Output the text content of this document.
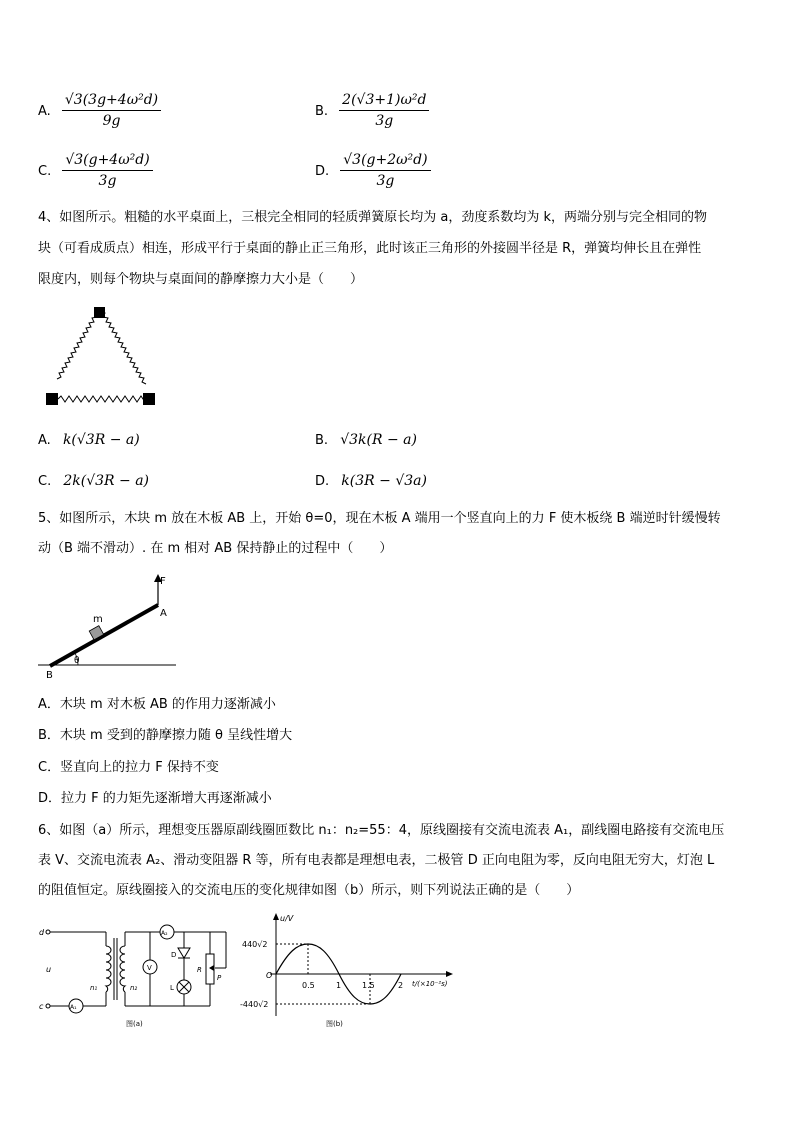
A. $\frac{\text{√3(3g+4ω²d)}}{9g}$	B. $\frac{\text{2(√3+1)ω²d}}{3g}$
C. $\frac{\text{√3(g+4ω²d)}}{3g}$	D. $\frac{\text{√3(g+2ω²d)}}{3g}$
4、如图所示。粗糙的水平桌面上，三根完全相同的轻质弹簧原长均为 a，劲度系数均为 k，两端分别与完全相同的物
块（可看成质点）相连，形成平行于桌面的静止正三角形，此时该正三角形的外接圆半径是 R，弹簧均伸长且在弹性
限度内，则每个物块与桌面间的静摩擦力大小是（　　）
A. k(√3R − a)	B. √3k(R − a)
C. 2k(√3R − a)	D. k(3R − √3a)
5、如图所示，木块 m 放在木板 AB 上，开始 θ=0，现在木板 A 端用一个竖直向上的力 F 使木板绕 B 端逆时针缓慢转
动（B 端不滑动）. 在 m 相对 AB 保持静止的过程中（　　）
F
A
m
B
θ
A．木块 m 对木板 AB 的作用力逐渐减小
B．木块 m 受到的静摩擦力随 θ 呈线性增大
C．竖直向上的拉力 F 保持不变
D．拉力 F 的力矩先逐渐增大再逐渐减小
6、如图（a）所示，理想变压器原副线圈匝数比 n₁：n₂=55：4，原线圈接有交流电流表 A₁，副线圈电路接有交流电压
表 V、交流电流表 A₂、滑动变阻器 R 等，所有电表都是理想电表，二极管 D 正向电阻为零，反向电阻无穷大，灯泡 L
的阻值恒定。原线圈接入的交流电压的变化规律如图（b）所示，则下列说法正确的是（　　）
d
c
u
n₁	n₂
A₁
A₂
V
D
L
R
P
图(a)
u/V
440√2
-440√2
O
0.5	1	1.5	2 t/(×10⁻²s)
图(b)
